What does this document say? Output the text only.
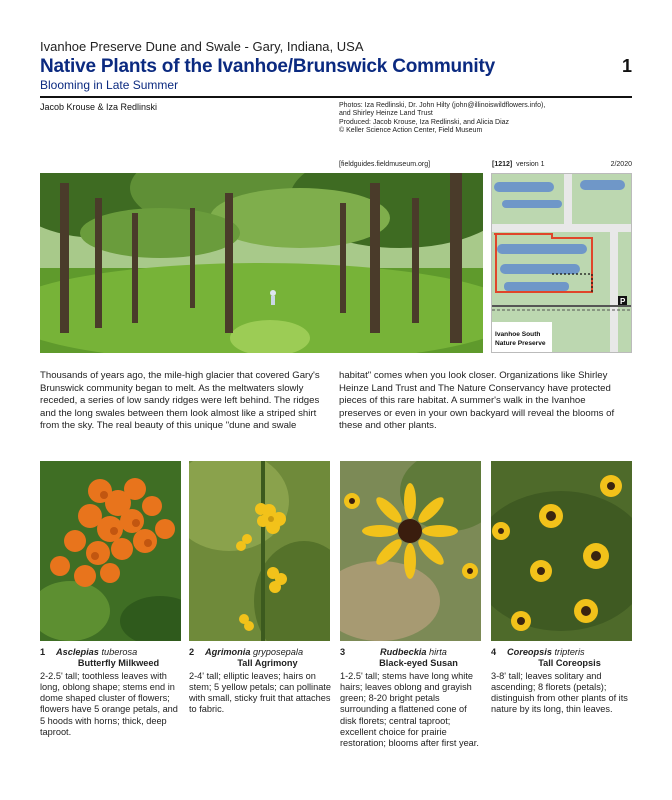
Ivanhoe Preserve Dune and Swale - Gary, Indiana, USA
Native Plants of the Ivanhoe/Brunswick Community
Blooming in Late Summer
1
Jacob Krouse & Iza Redlinski	Photos: Iza Redlinski, Dr. John Hilty (john@illinoiswildflowers.info),
and Shirley Heinze Land Trust
Produced: Jacob Krouse, Iza Redlinski, and Alicia Diaz
© Keller Science Action Center, Field Museum
[fieldguides.fieldmuseum.org]	[1212] version 1	2/2020
P
Ivanhoe South
Nature Preserve
Thousands of years ago, the mile-high glacier that covered Gary's Brunswick community began to melt. As the meltwaters slowly receded, a series of low sandy ridges were left behind. The ridges and the long swales between them look almost like a striped shirt from the sky. The real beauty of this unique "dune and swale
habitat" comes when you look closer. Organizations like Shirley Heinze Land Trust and The Nature Conservancy have protected pieces of this rare habitat. A summer's walk in the Ivanhoe preserves or even in your own backyard will reveal the blooms of these and other plants.
1	Asclepias
tuberosa
Butterfly Milkweed
2-2.5' tall; toothless leaves with long, oblong shape; stems end in dome shaped cluster of flowers; flowers have 5 orange petals, and 5 hoods with horns; thick, deep taproot.
2	Agrimonia
gryposepala
Tall Agrimony
2-4' tall; elliptic leaves; hairs on stem; 5 yellow petals; can pollinate with small, sticky fruit that attaches to fabric.
3	Rudbeckia
hirta
Black-eyed Susan
1-2.5' tall; stems have long white hairs; leaves oblong and grayish green; 8-20 bright petals surrounding a flattened cone of disk florets; central taproot; excellent choice for prairie restoration; blooms after first year.
4	Coreopsis
tripteris
Tall Coreopsis
3-8' tall; leaves solitary and ascending; 8 florets (petals); distinguish from other plants of its nature by its long, thin leaves.
